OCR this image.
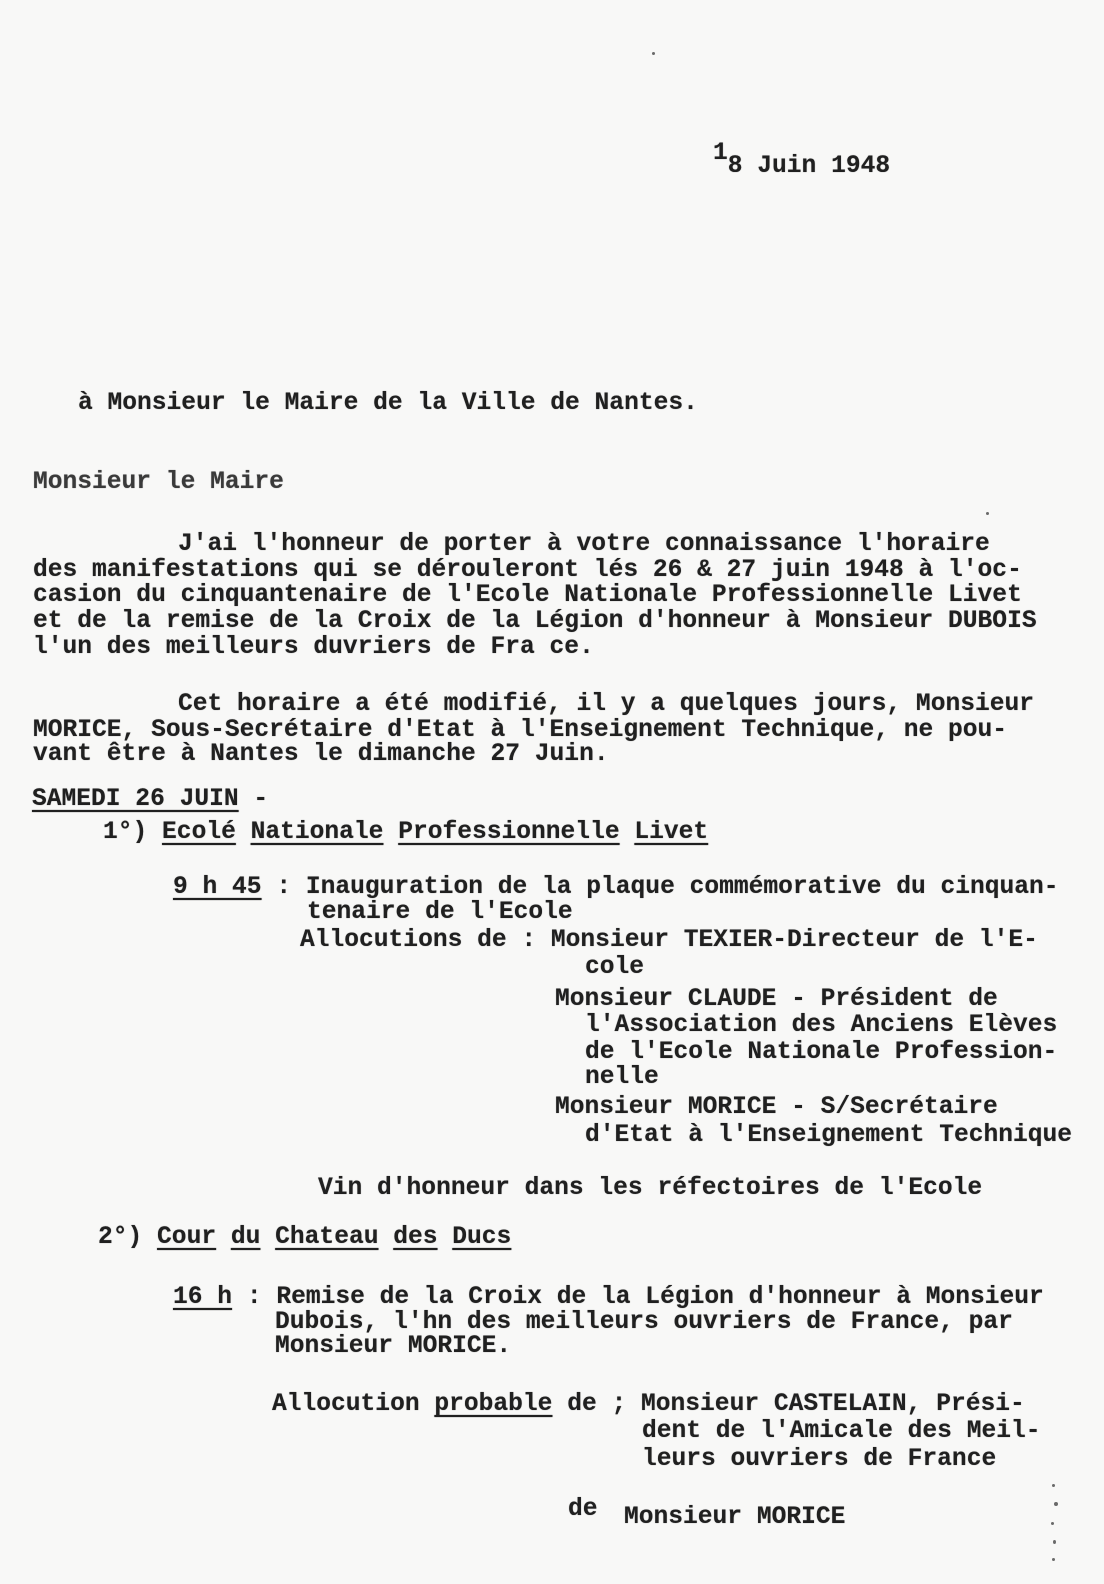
18 Juin 1948
à Monsieur le Maire de la Ville de Nantes.
Monsieur le Maire
J'ai l'honneur de porter à votre connaissance l'horaire
des manifestations qui se dérouleront lés 26 & 27 juin 1948 à l'oc-
casion du cinquantenaire de l'Ecole Nationale Professionnelle Livet
et de la remise de la Croix de la Légion d'honneur à Monsieur DUBOIS
l'un des meilleurs duvriers de Fra ce.
Cet horaire a été modifié, il y a quelques jours, Monsieur
MORICE, Sous-Secrétaire d'Etat à l'Enseignement Technique, ne pou-
vant être à Nantes le dimanche 27 Juin.
SAMEDI 26 JUIN -
1°) Ecolé Nationale Professionnelle Livet
9 h 45 : Inauguration de la plaque commémorative du cinquan-
tenaire de l'Ecole
Allocutions de : Monsieur TEXIER-Directeur de l'E-
cole
Monsieur CLAUDE - Président de
l'Association des Anciens Elèves
de l'Ecole Nationale Profession-
nelle
Monsieur MORICE - S/Secrétaire
d'Etat à l'Enseignement Technique
Vin d'honneur dans les réfectoires de l'Ecole
2°) Cour du Chateau des Ducs
16 h : Remise de la Croix de la Légion d'honneur à Monsieur
Dubois, l'hn des meilleurs ouvriers de France, par
Monsieur MORICE.
Allocution probable de ; Monsieur CASTELAIN, Prési-
dent de l'Amicale des Meil-
leurs ouvriers de France
de Monsieur MORICE
